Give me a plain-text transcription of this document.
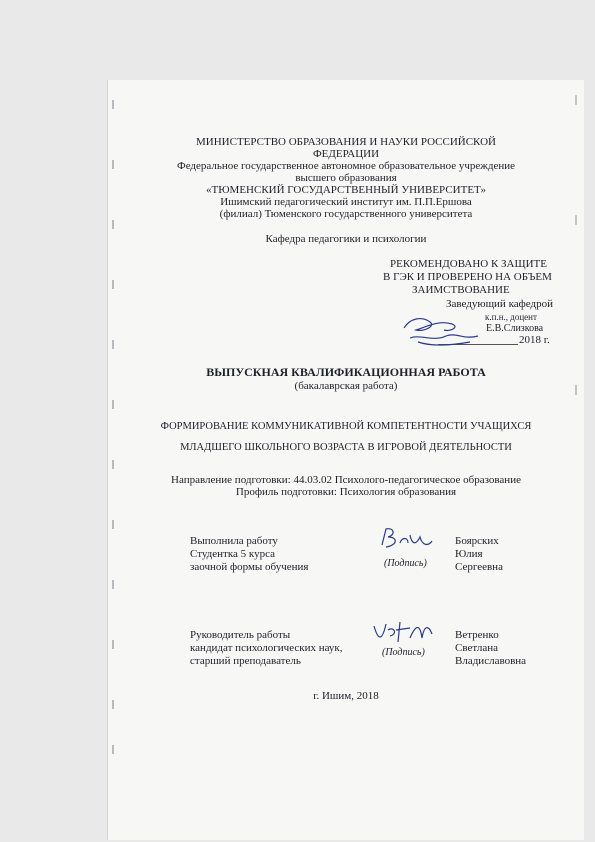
МИНИСТЕРСТВО ОБРАЗОВАНИЯ И НАУКИ РОССИЙСКОЙ
ФЕДЕРАЦИИ
Федеральное государственное автономное образовательное учреждение
высшего образования
«ТЮМЕНСКИЙ ГОСУДАРСТВЕННЫЙ УНИВЕРСИТЕТ»
Ишимский педагогический институт им. П.П.Ершова
(филиал) Тюменского государственного университета
Кафедра педагогики и психологии
РЕКОМЕНДОВАНО К ЗАЩИТЕ
В ГЭК И ПРОВЕРЕНО НА ОБЪЕМ
ЗАИМСТВОВАНИЕ
Заведующий кафедрой
к.п.н., доцент
Е.В.Слизкова
2018 г.
ВЫПУСКНАЯ КВАЛИФИКАЦИОННАЯ РАБОТА
(бакалаврская работа)
ФОРМИРОВАНИЕ КОММУНИКАТИВНОЙ КОМПЕТЕНТНОСТИ УЧАЩИХСЯ
МЛАДШЕГО ШКОЛЬНОГО ВОЗРАСТА В ИГРОВОЙ ДЕЯТЕЛЬНОСТИ
Направление подготовки: 44.03.02 Психолого-педагогическое образование
Профиль подготовки: Психология образования
Выполнила работу
Студентка 5 курса
заочной формы обучения	(Подпись)
Боярских
Юлия
Сергеевна
Руководитель работы
кандидат психологических наук,
старший преподаватель
(Подпись)
Ветренко
Светлана
Владиславовна
г. Ишим, 2018
